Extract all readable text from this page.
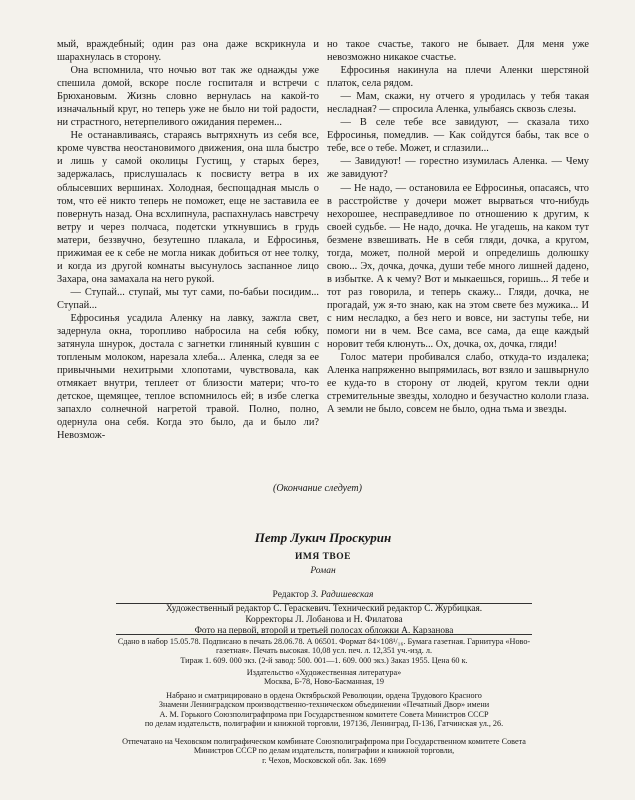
мый, враждебный; один раз она даже вскрикнула и шарахнулась в сторону.

Она вспомнила, что ночью вот так же однажды уже спешила домой, вскоре после госпиталя и встречи с Брюхановым. Жизнь словно вернулась на какой-то изначальный круг, но теперь уже не было ни той радости, ни страстного, нетерпеливого ожидания перемен...

Не останавливаясь, стараясь вытряхнуть из себя все, кроме чувства неостановимого движения, она шла быстро и лишь у самой околицы Густищ, у старых берез, задержалась, прислушалась к посвисту ветра в их облысевших вершинах. Холодная, беспощадная мысль о том, что её никто теперь не поможет, еще не заставила ее повернуть назад. Она всхлипнула, распахнулась навстречу ветру и через полчаса, подетски уткнувшись в грудь матери, беззвучно, безутешно плакала, и Ефросинья, прижимая ее к себе не могла никак добиться от нее толку, и когда из другой комнаты высунулось заспанное лицо Захара, она замахала на него рукой.

— Ступай... ступай, мы тут сами, по-бабьи посидим... Ступай...

Ефросинья усадила Аленку на лавку, зажгла свет, задернула окна, торопливо набросила на себя юбку, затянула шнурок, достала с загнетки глиняный кувшин с топленым молоком, нарезала хлеба... Аленка, следя за ее привычными нехитрыми хлопотами, чувствовала, как отмякает внутри, теплеет от близости матери; что-то детское, щемящее, теплое вспомнилось ей; в избе слегка запахло солнечной нагретой травой. Полно, полно, одернула она себя. Когда это было, да и было ли? Невозмож-

но такое счастье, такого не бывает. Для меня уже невозможно никакое счастье.

Ефросинья накинула на плечи Аленки шерстяной платок, села рядом.

— Мам, скажи, ну отчего я уродилась у тебя такая несладная? — спросила Аленка, улыбаясь сквозь слезы.

— В селе тебе все завидуют, — сказала тихо Ефросинья, помедлив. — Как сойдутся бабы, так все о тебе, все о тебе. Может, и сглазили...

— Завидуют! — горестно изумилась Аленка. — Чему же завидуют?

— Не надо, — остановила ее Ефросинья, опасаясь, что в расстройстве у дочери может вырваться что-нибудь нехорошее, несправедливое по отношению к другим, к своей судьбе. — Не надо, дочка. Не угадешь, на каком тут безмене взвешивать. Не в себя гляди, дочка, а кругом, тогда, может, полной мерой и определишь долюшку свою... Эх, дочка, дочка, души тебе много лишней дадено, в избытке. А к чему? Вот и мыкаешься, горишь... Я тебе и тот раз говорила, и теперь скажу... Гляди, дочка, не прогадай, уж я-то знаю, как на этом свете без мужика... И с ним несладко, а без него и вовсе, ни заступы тебе, ни помоги ни в чем. Все сама, все сама, да еще каждый норовит тебя клюнуть... Ох, дочка, ох, дочка, гляди!

Голос матери пробивался слабо, откуда-то издалека; Аленка напряженно выпрямилась, вот взяло и зашвырнуло ее куда-то в сторону от людей, кругом текли одни стремительные звезды, холодно и безучастно кололи глаза. А земли не было, совсем не было, одна тьма и звезды.

(Окончание следует)
Петр Лукич Проскурин
ИМЯ ТВОЕ
Роман
Редактор З. Радишевская
Художественный редактор С. Гераскевич. Технический редактор С. Журбицкая.
Корректоры Л. Лобанова и Н. Филатова
Фото на первой, второй и третьей полосах обложки А. Карзанова
Сдано в набор 15.05.78. Подписано в печать 28.06.78. А 06501. Формат 84×108¹/₁₆. Бумага газетная. Гарнитура «Ново-газетная». Печать высокая. 10,08 усл. печ. л. 12,351 уч.-изд. л.
Тираж 1. 609. 000 экз. (2-й завод: 500. 001—1. 609. 000 экз.) Заказ 1955. Цена 60 к.
Издательство «Художественная литература»
Москва, Б-78, Ново-Басманная, 19
Набрано и сматрицировано в ордена Октябрьской Революции, ордена Трудового Красного
Знамени Ленинградском производственно-техническом объединении «Печатный Двор» имени
А. М. Горького Союзполиграфпрома при Государственном комитете Совета Министров СССР
по делам издательств, полиграфии и книжной торговли, 197136, Ленинград, П-136, Гатчинская ул., 26.
Отпечатано на Чеховском полиграфическом комбинате Союзполиграфпрома при Государственном комитете Совета Министров СССР по делам издательств, полиграфии и книжной торговли,
г. Чехов, Московской обл. Зак. 1699
